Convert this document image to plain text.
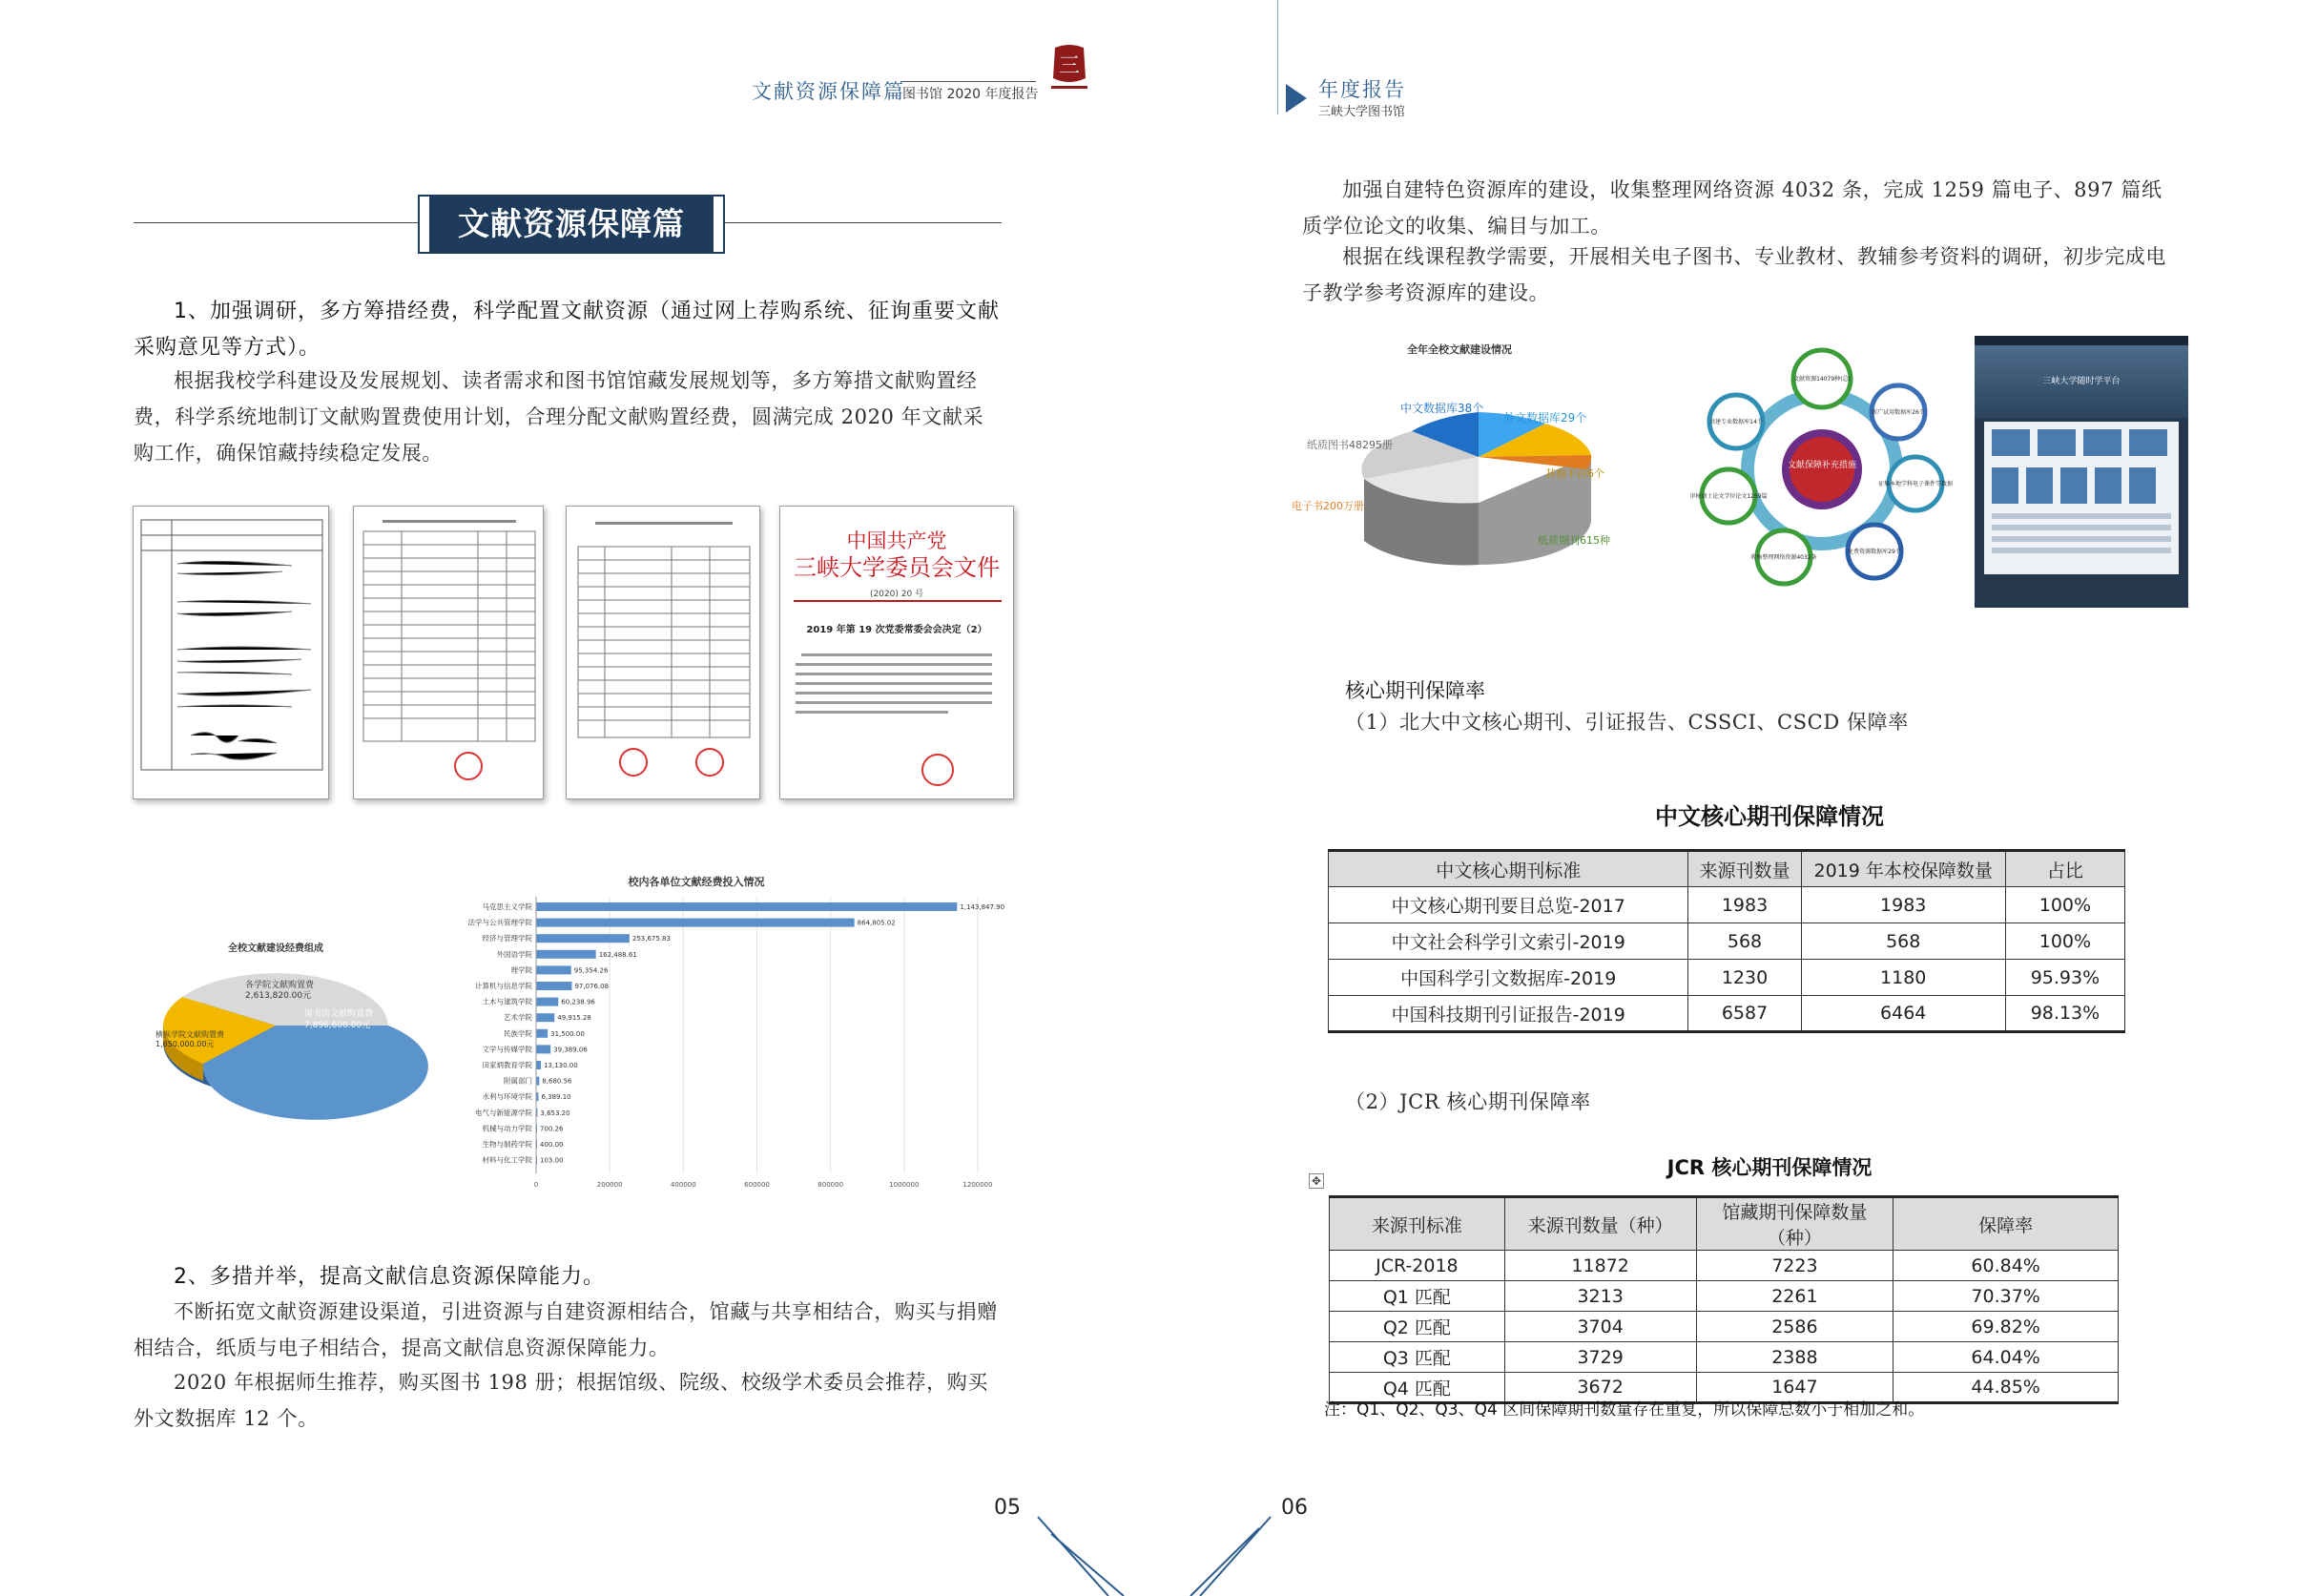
文献资源保障篇
图书馆 2020 年度报告
三
年度报告
三峡大学图书馆
文献资源保障篇
1、加强调研，多方筹措经费，科学配置文献资源（通过网上荐购系统、征询重要文献采购意见等方式）。
根据我校学科建设及发展规划、读者需求和图书馆馆藏发展规划等，多方筹措文献购置经费，科学系统地制订文献购置费使用计划，合理分配文献购置经费，圆满完成 2020 年文献采购工作，确保馆藏持续稳定发展。
中国共产党
三峡大学委员会文件
(2020) 20 号
2019 年第 19 次党委常委会会决定（2）
全校文献建设经费组成
各学院文献购置费
2,613,820.00元
横纵学院文献购置费
1,650,000.00元
图书馆文献购置费
7,896,600.00元
校内各单位文献经费投入情况
0	200000	400000	600000	800000	1000000	1200000
马克思主义学院	1,143,847.90
法学与公共管理学院	864,805.02
经济与管理学院	253,675.83
外国语学院	162,488.61
理学院	95,354.26
计算机与信息学院	97,076.08
土木与建筑学院	60,238.96
艺术学院	49,915.28
民族学院	31,500.00
文学与传媒学院	39,389.06
田家炳教育学院 13,130.00
附属部门 8,680.56
水利与环境学院 6,389.10
电气与新能源学院 3,653.20
机械与动力学院 700.26
生物与制药学院 400.00
材料与化工学院 103.00
2、多措并举，提高文献信息资源保障能力。
不断拓宽文献资源建设渠道，引进资源与自建资源相结合，馆藏与共享相结合，购买与捐赠相结合，纸质与电子相结合，提高文献信息资源保障能力。
2020 年根据师生推荐，购买图书 198 册；根据馆级、院级、校级学术委员会推荐，购买外文数据库 12 个。
加强自建特色资源库的建设，收集整理网络资源 4032 条，完成 1259 篇电子、897 篇纸质学位论文的收集、编目与加工。
根据在线课程教学需要，开展相关电子图书、专业教材、教辅参考资料的调研，初步完成电子教学参考资源库的建设。
全年全校文献建设情况
中文数据库38个
外文数据库29个
其他平台6个
纸质期刊615种
电子书200万册
纸质图书48295册
文献保障补充措施
文献资源14079种(总)
新广试用数据库26个
征集本地学科电子课件等数据
免费资源数据库29个
收集整理网络资源4032条
审核硕士论文学位论文1259篇
共建专业数据库14个
三峡大学随时学平台
核心期刊保障率
（1）北大中文核心期刊、引证报告、CSSCI、CSCD 保障率
中文核心期刊保障情况
中文核心期刊标准	来源刊数量	2019 年本校保障数量	占比
中文核心期刊要目总览-2017	1983	1983	100%
中文社会科学引文索引-2019	568	568	100%
中国科学引文数据库-2019	1230	1180	95.93%
中国科技期刊引证报告-2019	6587	6464	98.13%
（2）JCR 核心期刊保障率
JCR 核心期刊保障情况
✥
来源刊标准	来源刊数量（种）	馆藏期刊保障数量（种）	保障率
JCR-2018	11872	7223	60.84%
Q1 匹配	3213	2261	70.37%
Q2 匹配	3704	2586	69.82%
Q3 匹配	3729	2388	64.04%
Q4 匹配	3672	1647	44.85%
注：Q1、Q2、Q3、Q4 区间保障期刊数量存在重复，所以保障总数小于相加之和。
05	06
